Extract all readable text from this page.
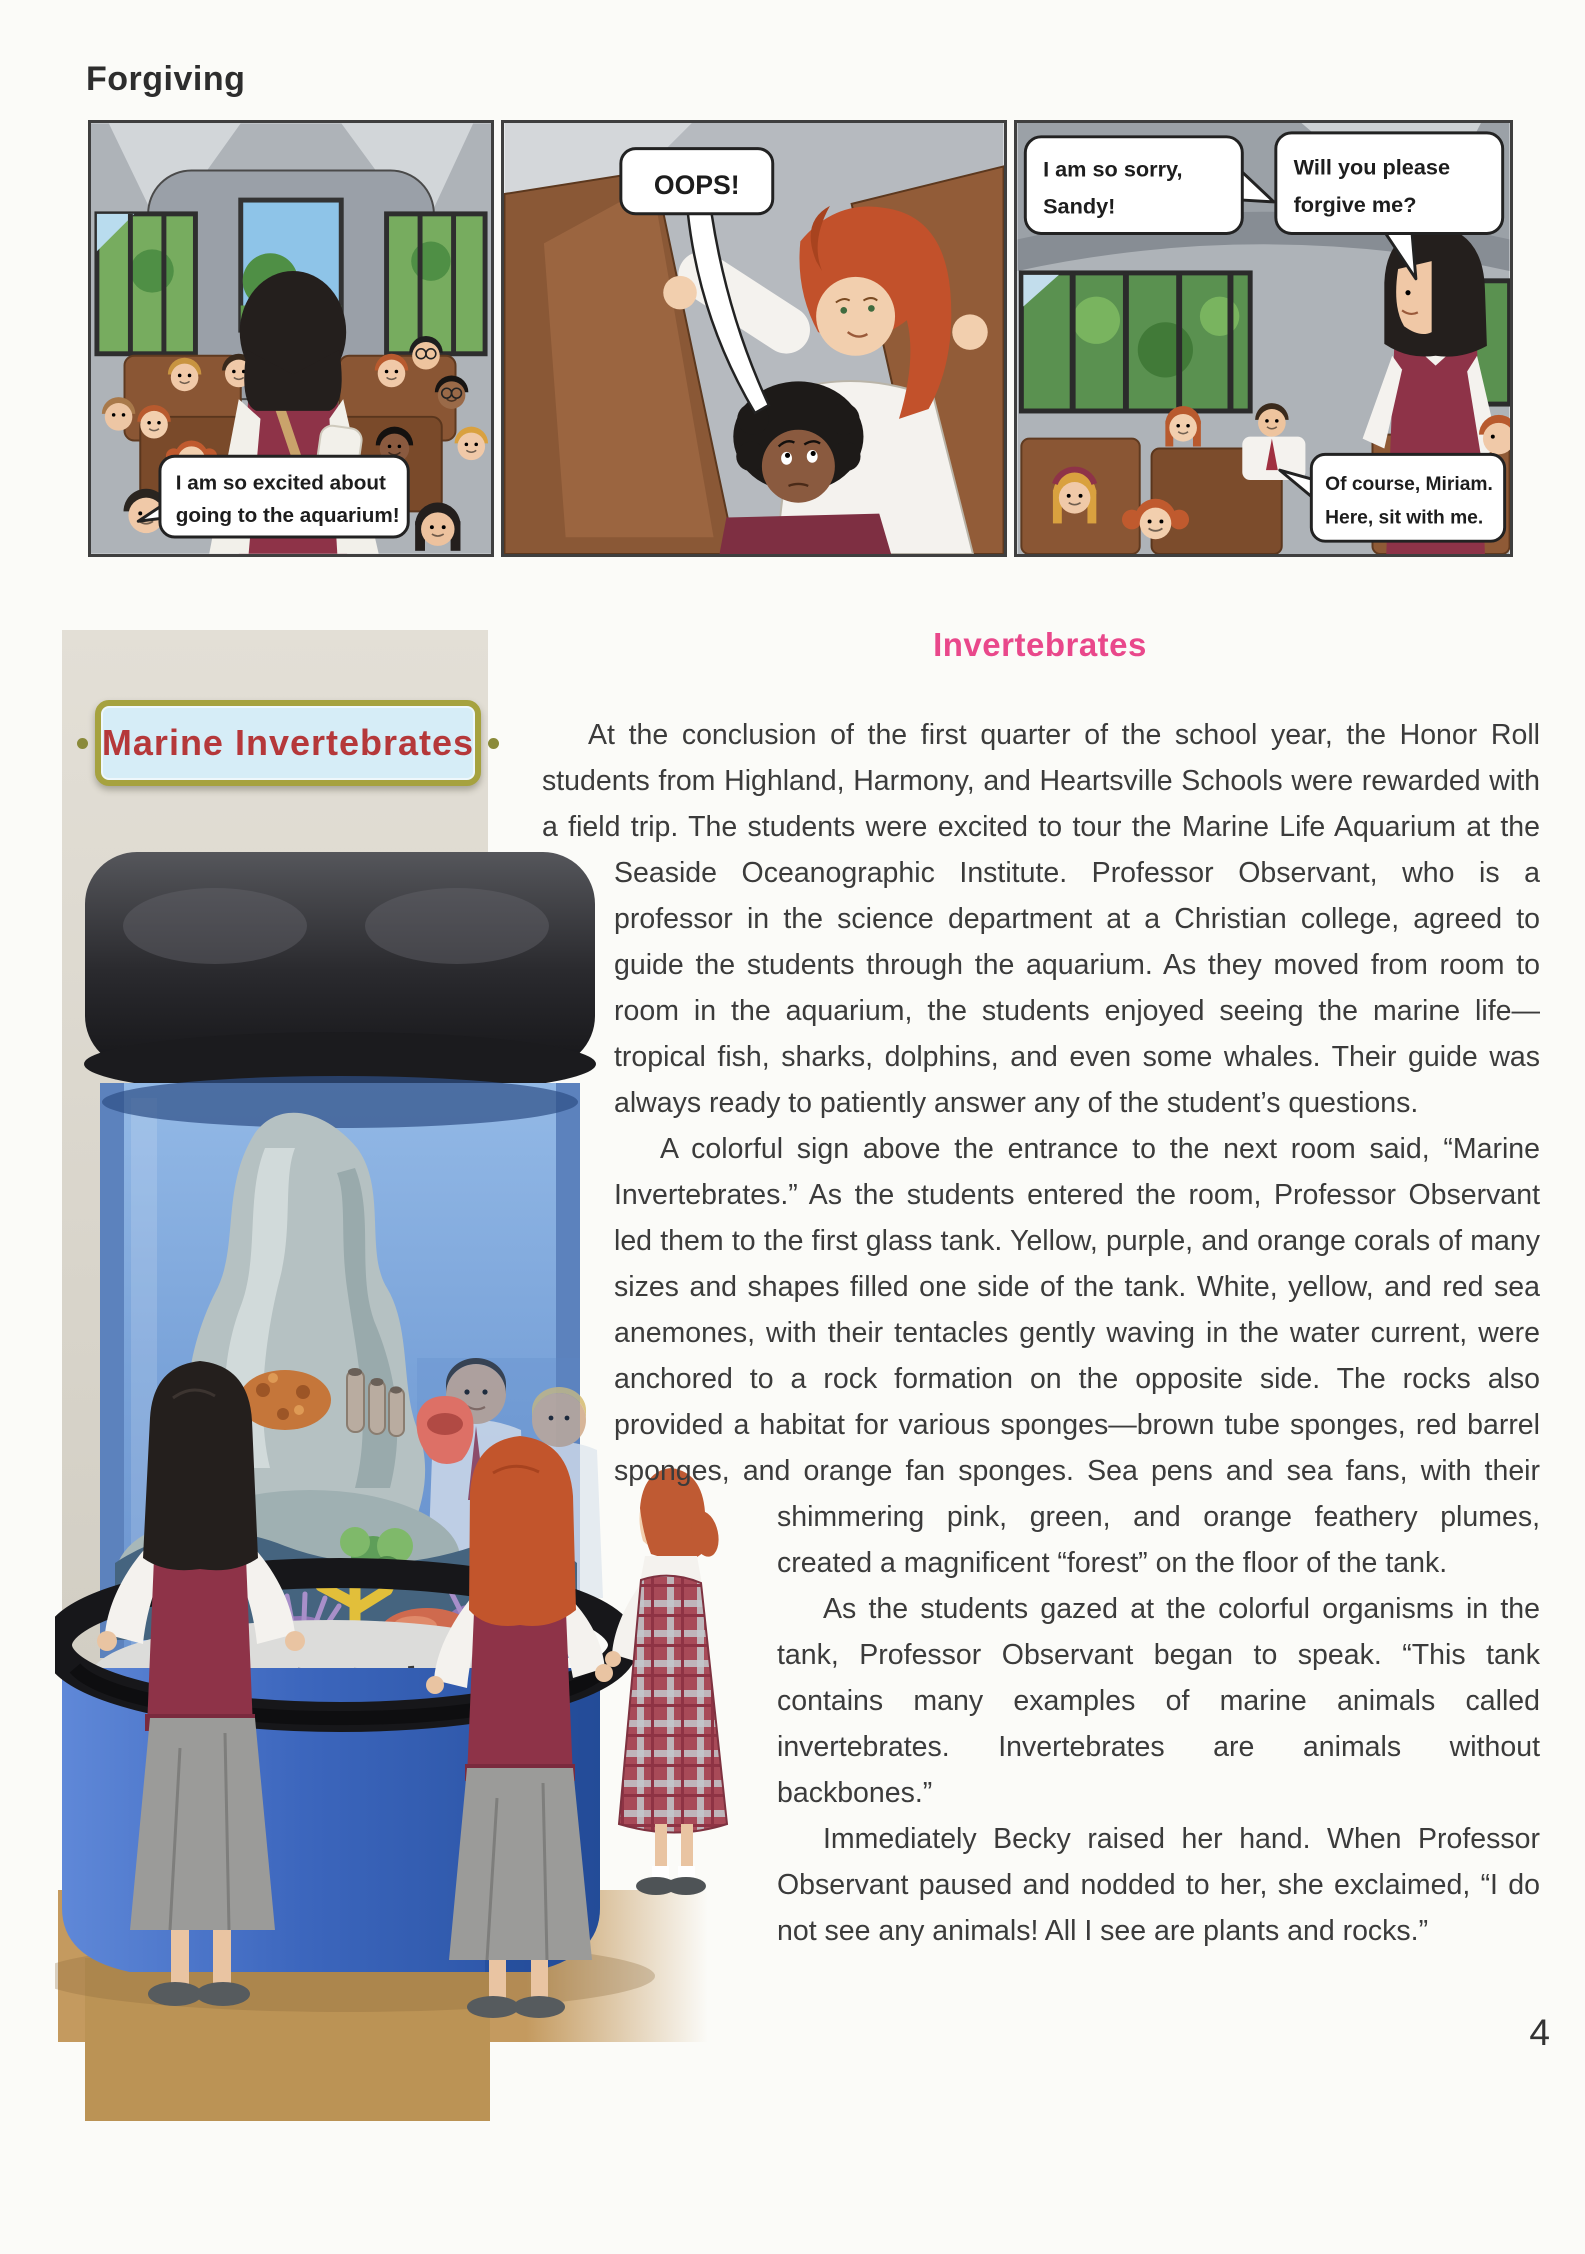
Forgiving
I am so excited about
going to the aquarium!
OOPS!
I am so sorry,
Sandy!
Will you please
forgive me?
Of course, Miriam.
Here, sit with me.
Marine Invertebrates
Invertebrates

At the conclusion of the first quarter of the school year, the Honor Roll students from Highland, Harmony, and Heartsville Schools were rewarded with a field trip. The students were excited to tour the Marine Life Aquarium at the Seaside Oceanographic Institute. Professor Observant, who is a professor in the science department at a Christian college, agreed to guide the students through the aquarium. As they moved from room to room in the aquarium, the students enjoyed seeing the marine life—tropical fish, sharks, dolphins, and even some whales. Their guide was always ready to patiently answer any of the student’s questions.

A colorful sign above the entrance to the next room said, “Marine Invertebrates.” As the students entered the room, Professor Observant led them to the first glass tank. Yellow, purple, and orange corals of many sizes and shapes filled one side of the tank. White, yellow, and red sea anemones, with their tentacles gently waving in the water current, were anchored to a rock formation on the opposite side. The rocks also provided a habitat for various sponges—brown tube sponges, red barrel sponges, and orange fan sponges. Sea pens and sea fans, with their shimmering pink, green, and orange feathery plumes, created a magnificent “forest” on the floor of the tank.

As the students gazed at the colorful organisms in the tank, Professor Observant began to speak. “This tank contains many examples of marine animals called invertebrates. Invertebrates are animals without backbones.”

Immediately Becky raised her hand. When Professor Observant paused and nodded to her, she exclaimed, “I do not see any animals! All I see are plants and rocks.”

4
